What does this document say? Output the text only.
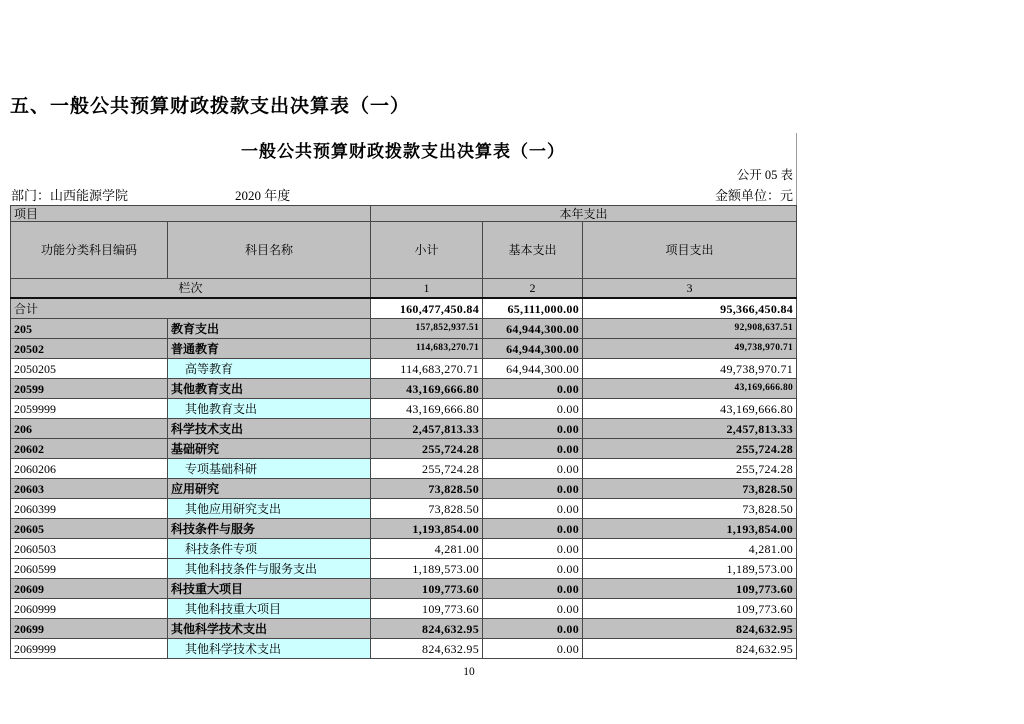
五、一般公共预算财政拨款支出决算表（一）
一般公共预算财政拨款支出决算表（一）
公开 05 表
部门：山西能源学院	2020 年度	金额单位：元
项目		本年支出		
功能分类科目编码	科目名称	小计	基本支出	项目支出
栏次		1	2	3
合计		160,477,450.84	65,111,000.00	95,366,450.84
205	教育支出	157,852,937.51	64,944,300.00	92,908,637.51
20502	普通教育	114,683,270.71	64,944,300.00	49,738,970.71
2050205	高等教育	114,683,270.71	64,944,300.00	49,738,970.71
20599	其他教育支出	43,169,666.80	0.00	43,169,666.80
2059999	其他教育支出	43,169,666.80	0.00	43,169,666.80
206	科学技术支出	2,457,813.33	0.00	2,457,813.33
20602	基础研究	255,724.28	0.00	255,724.28
2060206	专项基础科研	255,724.28	0.00	255,724.28
20603	应用研究	73,828.50	0.00	73,828.50
2060399	其他应用研究支出	73,828.50	0.00	73,828.50
20605	科技条件与服务	1,193,854.00	0.00	1,193,854.00
2060503	科技条件专项	4,281.00	0.00	4,281.00
2060599	其他科技条件与服务支出	1,189,573.00	0.00	1,189,573.00
20609	科技重大项目	109,773.60	0.00	109,773.60
2060999	其他科技重大项目	109,773.60	0.00	109,773.60
20699	其他科学技术支出	824,632.95	0.00	824,632.95
2069999	其他科学技术支出	824,632.95	0.00	824,632.95
10
